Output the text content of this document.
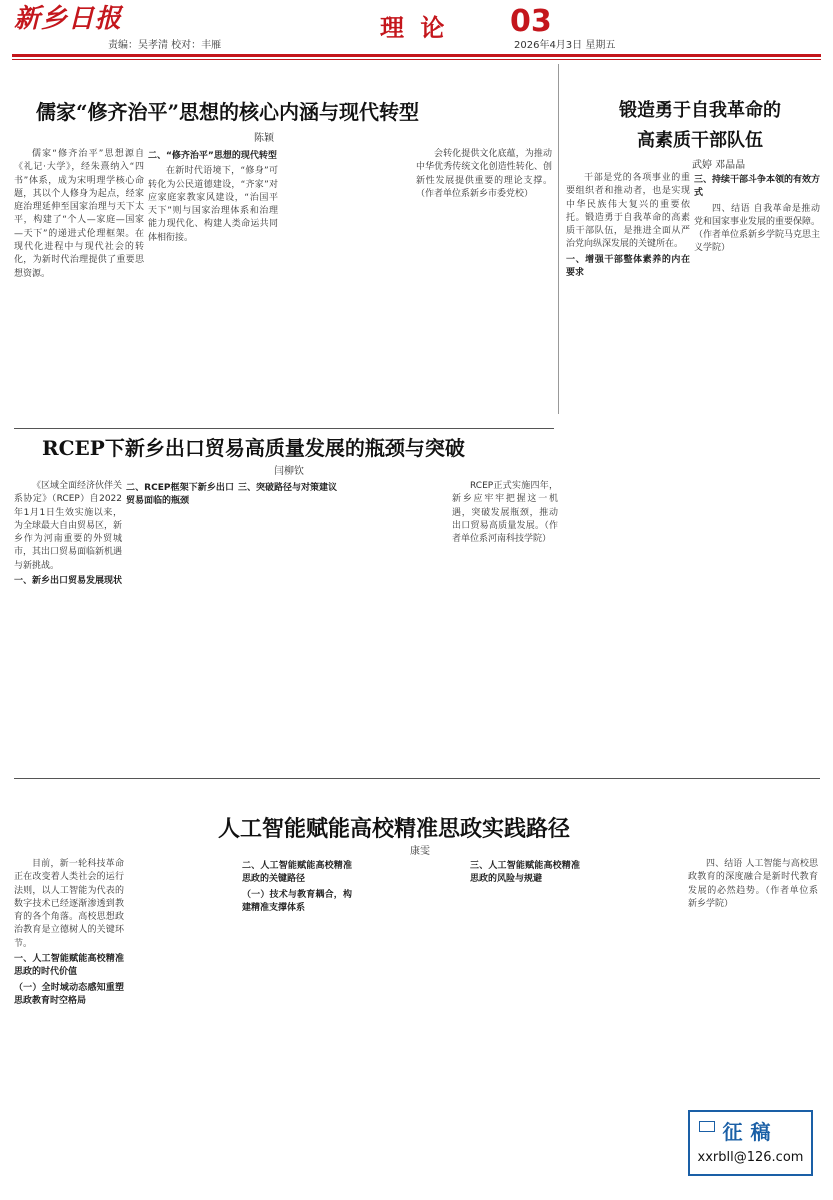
新乡日报
责编：吴孝清 校对：丰雁
理 论 03
2026年4月3日 星期五
儒家“修齐治平”思想的核心内涵与现代转型
陈颖

儒家“修齐治平”思想源自《礼记·大学》，经朱熹纳入“四书”体系，成为宋明理学核心命题，其以个人修身为起点，经家庭治理延伸至国家治理与天下太平，构建了“个人—家庭—国家—天下”的递进式伦理框架。在现代化进程中与现代社会的转化，为新时代治理提供了重要思想资源。

二、“修齐治平”思想的现代转型

在新时代语境下，“修身”可转化为公民道德建设，“齐家”对应家庭家教家风建设，“治国平天下”则与国家治理体系和治理能力现代化、构建人类命运共同体相衔接。

会转化提供文化底蕴，为推动中华优秀传统文化创造性转化、创新性发展提供重要的理论支撑。（作者单位系新乡市委党校）

锻造勇于自我革命的
高素质干部队伍
武婷 邓晶晶

干部是党的各项事业的重要组织者和推动者，也是实现中华民族伟大复兴的重要依托。锻造勇于自我革命的高素质干部队伍，是推进全面从严治党向纵深发展的关键所在。

一、增强干部整体素养的内在要求
三、持续干部斗争本领的有效方式

四、结语 自我革命是推动党和国家事业发展的重要保障。（作者单位系新乡学院马克思主义学院）

RCEP下新乡出口贸易高质量发展的瓶颈与突破
闫柳钦

《区域全面经济伙伴关系协定》（RCEP）自2022年1月1日生效实施以来，为全球最大自由贸易区，新乡作为河南重要的外贸城市，其出口贸易面临新机遇与新挑战。

一、新乡出口贸易发展现状
二、RCEP框架下新乡出口贸易面临的瓶颈
三、突破路径与对策建议	RCEP正式实施四年，新乡应牢牢把握这一机遇，突破发展瓶颈，推动出口贸易高质量发展。（作者单位系河南科技学院）

人工智能赋能高校精准思政实践路径
康雯

目前，新一轮科技革命正在改变着人类社会的运行法则，以人工智能为代表的数字技术已经逐渐渗透到教育的各个角落。高校思想政治教育是立德树人的关键环节。

一、人工智能赋能高校精准思政的时代价值
（一）全时域动态感知重塑思政教育时空格局
二、人工智能赋能高校精准思政的关键路径
（一）技术与教育耦合，构建精准支撑体系
三、人工智能赋能高校精准思政的风险与规避

四、结语 人工智能与高校思政教育的深度融合是新时代教育发展的必然趋势。（作者单位系新乡学院）

征稿
xxrbll@126.com
